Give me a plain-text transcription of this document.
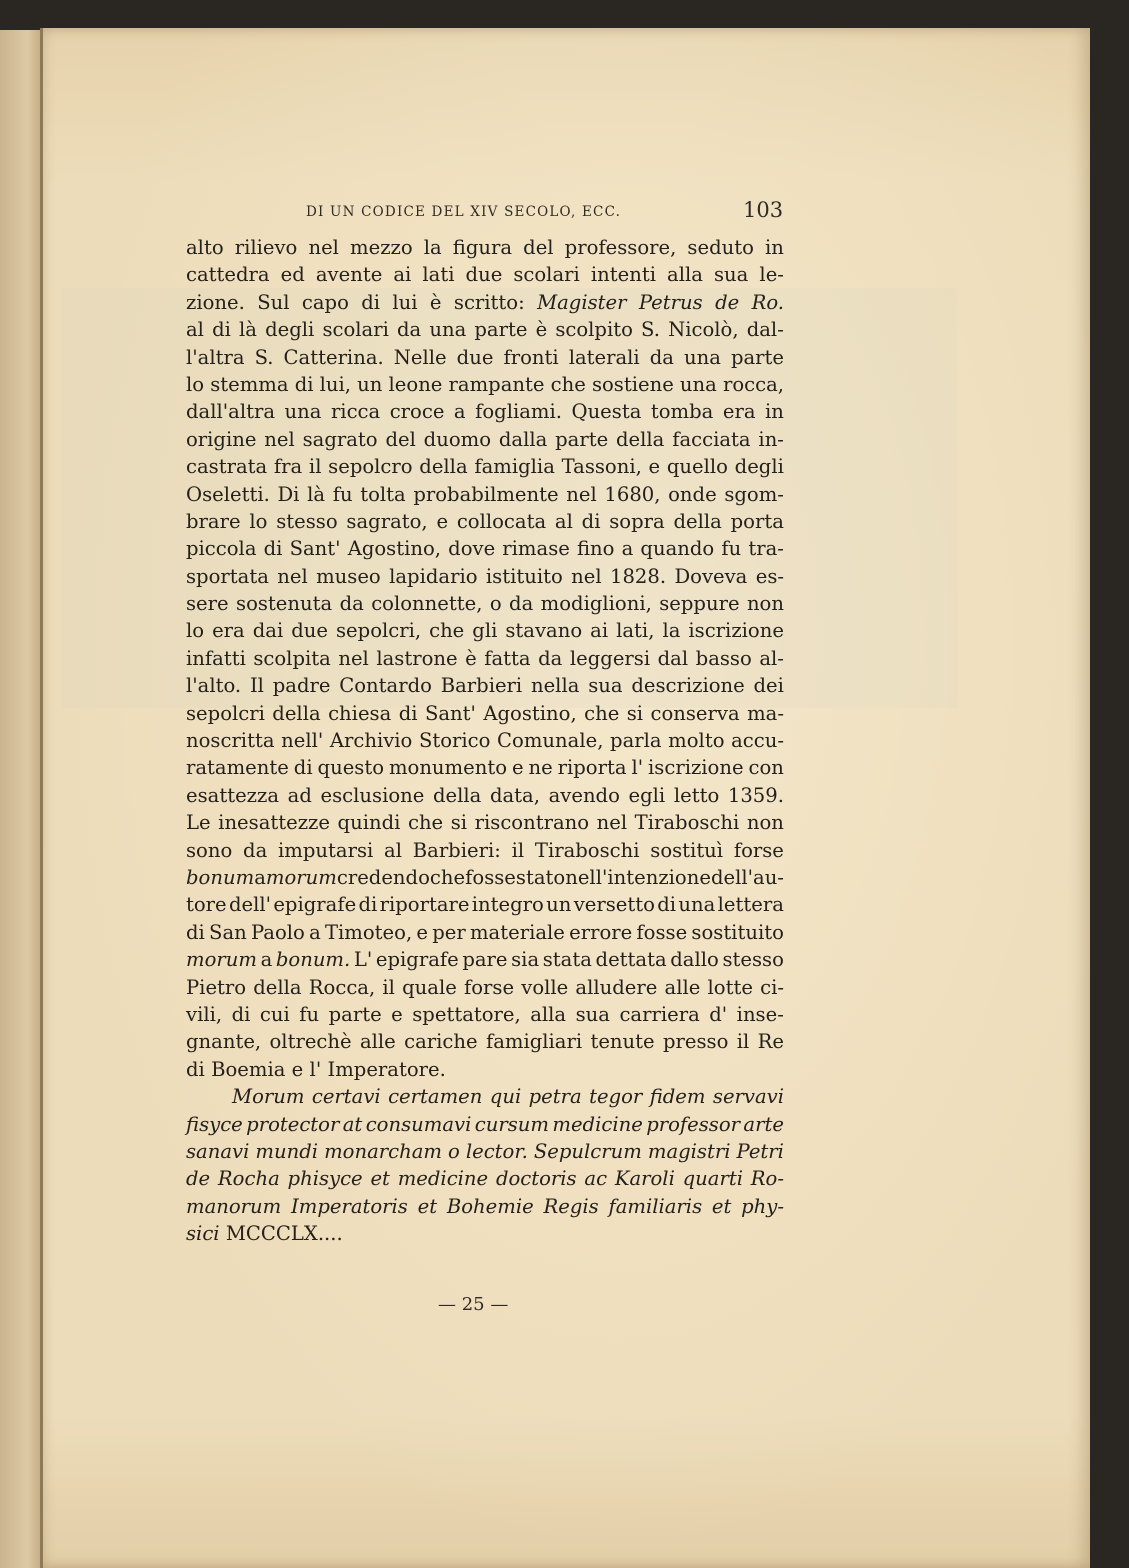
DI UN CODICE DEL XIV SECOLO, ECC.	103
alto rilievo nel mezzo la figura del professore, seduto in
cattedra ed avente ai lati due scolari intenti alla sua le-
zione. Sul capo di lui è scritto: Magister Petrus de Ro.
al di là degli scolari da una parte è scolpito S. Nicolò, dal-
l'altra S. Catterina. Nelle due fronti laterali da una parte
lo stemma di lui, un leone rampante che sostiene una rocca,
dall'altra una ricca croce a fogliami. Questa tomba era in
origine nel sagrato del duomo dalla parte della facciata in-
castrata fra il sepolcro della famiglia Tassoni, e quello degli
Oseletti. Di là fu tolta probabilmente nel 1680, onde sgom-
brare lo stesso sagrato, e collocata al di sopra della porta
piccola di Sant' Agostino, dove rimase fino a quando fu tra-
sportata nel museo lapidario istituito nel 1828. Doveva es-
sere sostenuta da colonnette, o da modiglioni, seppure non
lo era dai due sepolcri, che gli stavano ai lati, la iscrizione
infatti scolpita nel lastrone è fatta da leggersi dal basso al-
l'alto. Il padre Contardo Barbieri nella sua descrizione dei
sepolcri della chiesa di Sant' Agostino, che si conserva ma-
noscritta nell' Archivio Storico Comunale, parla molto accu-
ratamente di questo monumento e ne riporta l' iscrizione con
esattezza ad esclusione della data, avendo egli letto 1359.
Le inesattezze quindi che si riscontrano nel Tiraboschi non
sono da imputarsi al Barbieri: il Tiraboschi sostituì forse
bonum a morum credendo che fosse stato nell'intenzione dell'au-
tore dell' epigrafe di riportare integro un versetto di una lettera
di San Paolo a Timoteo, e per materiale errore fosse sostituito
morum a bonum. L' epigrafe pare sia stata dettata dallo stesso
Pietro della Rocca, il quale forse volle alludere alle lotte ci-
vili, di cui fu parte e spettatore, alla sua carriera d' inse-
gnante, oltrechè alle cariche famigliari tenute presso il Re
di Boemia e l' Imperatore.
Morum certavi certamen qui petra tegor fidem servavi
fisyce protector at consumavi cursum medicine professor arte
sanavi mundi monarcham o lector. Sepulcrum magistri Petri
de Rocha phisyce et medicine doctoris ac Karoli quarti Ro-
manorum Imperatoris et Bohemie Regis familiaris et phy-
sici MCCCLX....
— 25 —
